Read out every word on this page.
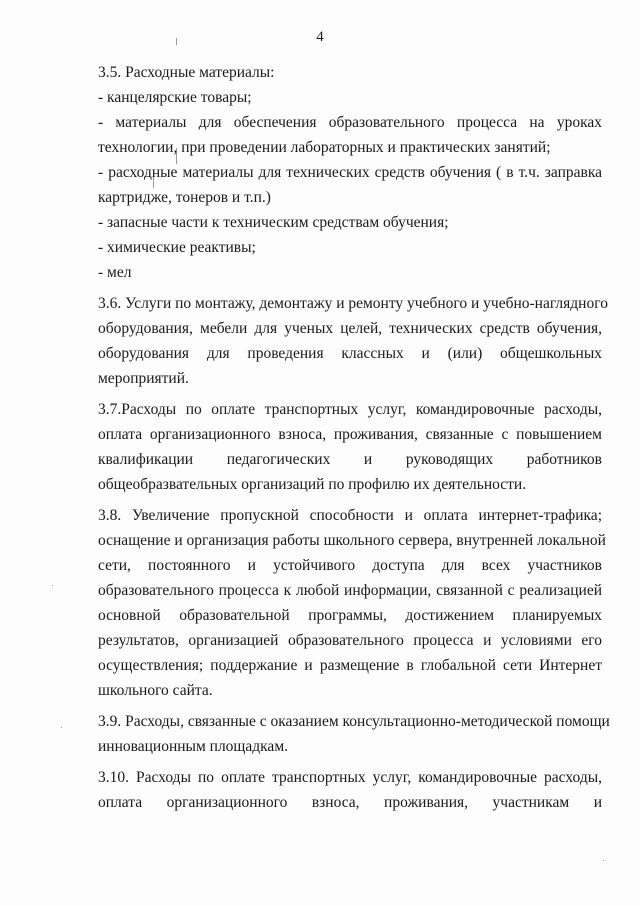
4
3.5. Расходные материалы:
- канцелярские товары;
- материалы для обеспечения образовательного процесса на уроках
технологии, при проведении лабораторных и практических занятий;
- расходные материалы для технических средств обучения ( в т.ч. заправка
картридже, тонеров и т.п.)
- запасные части к техническим средствам обучения;
- химические реактивы;
- мел
3.6. Услуги по монтажу, демонтажу и ремонту учебного и учебно-наглядного
оборудования, мебели для ученых целей, технических средств обучения,
оборудования для проведения классных и (или) общешкольных
мероприятий.
3.7.Расходы по оплате транспортных услуг, командировочные расходы,
оплата организационного взноса, проживания, связанные с повышением
квалификации педагогических и руководящих работников
общеобразвательных организаций по профилю их деятельности.
3.8. Увеличение пропускной способности и оплата интернет-трафика;
оснащение и организация работы школьного сервера, внутренней локальной
сети, постоянного и устойчивого доступа для всех участников
образовательного процесса к любой информации, связанной с реализацией
основной образовательной программы, достижением планируемых
результатов, организацией образовательного процесса и условиями его
осуществления; поддержание и размещение в глобальной сети Интернет
школьного сайта.
3.9. Расходы, связанные с оказанием консультационно-методической помощи
инновационным площадкам.
3.10. Расходы по оплате транспортных услуг, командировочные расходы,
оплата организационного взноса, проживания, участникам и
